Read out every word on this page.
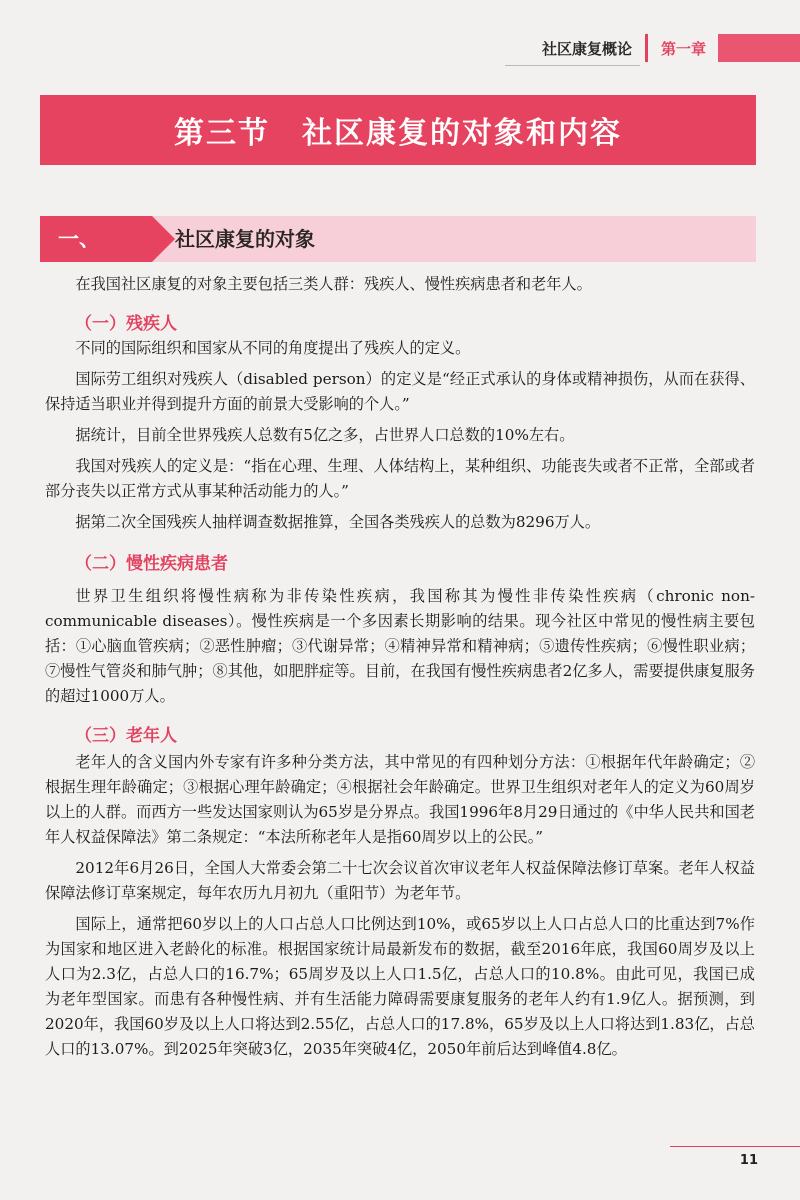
社区康复概论 第一章
第三节　社区康复的对象和内容
一、	社区康复的对象

在我国社区康复的对象主要包括三类人群：残疾人、慢性疾病患者和老年人。

（一）残疾人

不同的国际组织和国家从不同的角度提出了残疾人的定义。

国际劳工组织对残疾人（disabled person）的定义是“经正式承认的身体或精神损伤，从而在获得、保持适当职业并得到提升方面的前景大受影响的个人。”

据统计，目前全世界残疾人总数有5亿之多，占世界人口总数的10%左右。

我国对残疾人的定义是：“指在心理、生理、人体结构上，某种组织、功能丧失或者不正常，全部或者部分丧失以正常方式从事某种活动能力的人。”

据第二次全国残疾人抽样调查数据推算，全国各类残疾人的总数为8296万人。

（二）慢性疾病患者

世界卫生组织将慢性病称为非传染性疾病，我国称其为慢性非传染性疾病（chronic non-communicable diseases）。慢性疾病是一个多因素长期影响的结果。现今社区中常见的慢性病主要包括：①心脑血管疾病；②恶性肿瘤；③代谢异常；④精神异常和精神病；⑤遗传性疾病；⑥慢性职业病；⑦慢性气管炎和肺气肿；⑧其他，如肥胖症等。目前，在我国有慢性疾病患者2亿多人，需要提供康复服务的超过1000万人。

（三）老年人

老年人的含义国内外专家有许多种分类方法，其中常见的有四种划分方法：①根据年代年龄确定；②根据生理年龄确定；③根据心理年龄确定；④根据社会年龄确定。世界卫生组织对老年人的定义为60周岁以上的人群。而西方一些发达国家则认为65岁是分界点。我国1996年8月29日通过的《中华人民共和国老年人权益保障法》第二条规定：“本法所称老年人是指60周岁以上的公民。”

2012年6月26日，全国人大常委会第二十七次会议首次审议老年人权益保障法修订草案。老年人权益保障法修订草案规定，每年农历九月初九（重阳节）为老年节。

国际上，通常把60岁以上的人口占总人口比例达到10%，或65岁以上人口占总人口的比重达到7%作为国家和地区进入老龄化的标准。根据国家统计局最新发布的数据，截至2016年底，我国60周岁及以上人口为2.3亿，占总人口的16.7%；65周岁及以上人口1.5亿，占总人口的10.8%。由此可见，我国已成为老年型国家。而患有各种慢性病、并有生活能力障碍需要康复服务的老年人约有1.9亿人。据预测，到2020年，我国60岁及以上人口将达到2.55亿，占总人口的17.8%，65岁及以上人口将达到1.83亿，占总人口的13.07%。到2025年突破3亿，2035年突破4亿，2050年前后达到峰值4.8亿。

11
